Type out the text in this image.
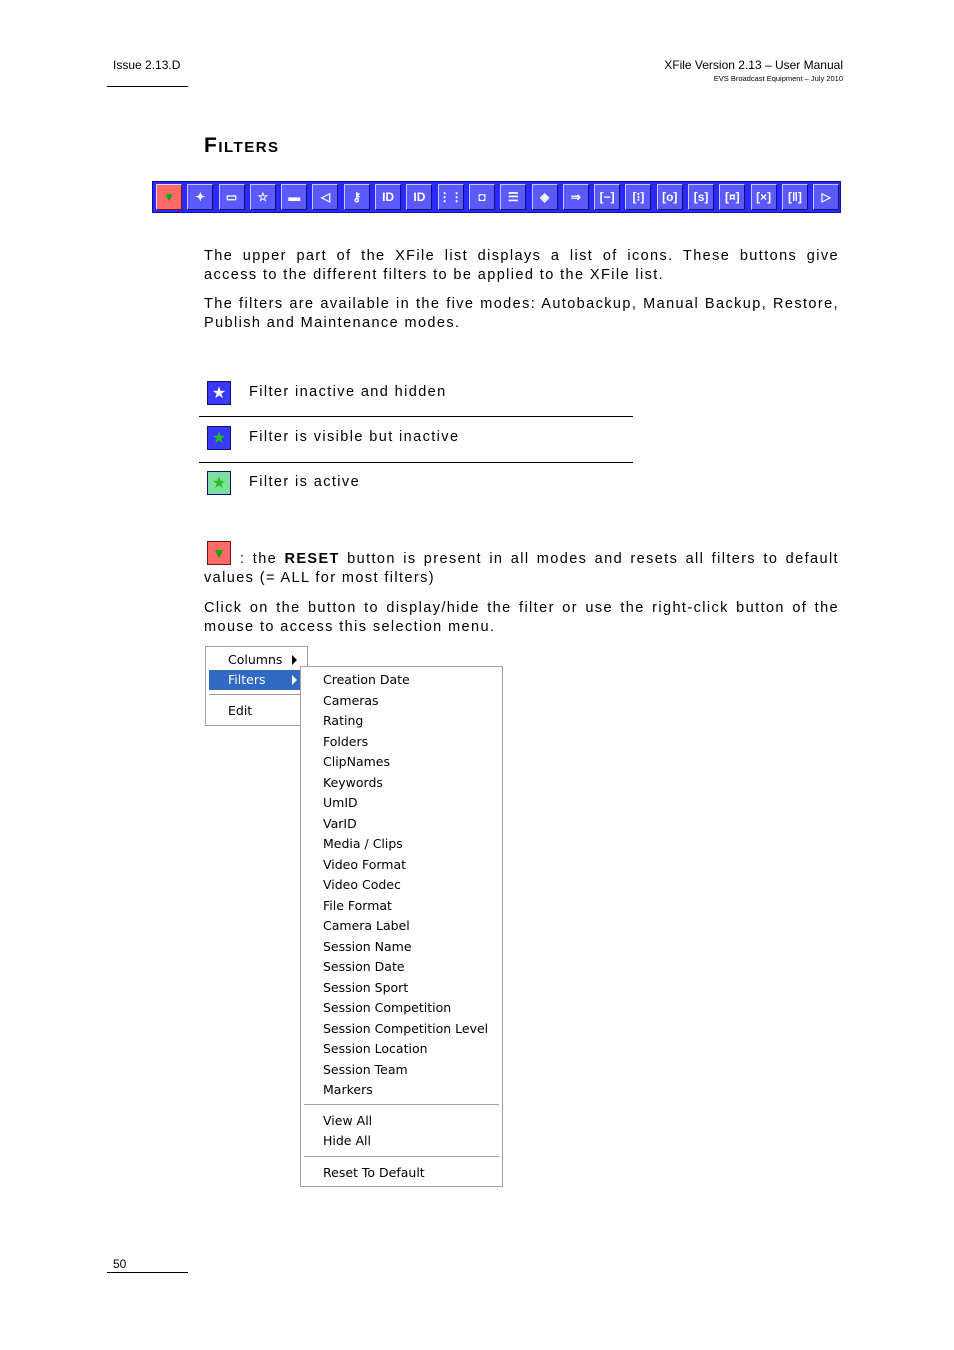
Issue 2.13.D	XFile Version 2.13 – User Manual
EVS Broadcast Equipment – July 2010
Filters
▼	✦	▭	☆	▬	◁	⚷	ID	ID	⋮⋮	◘	☰	◈	⇒	[−]	[⁝]	[o]	[s]	[¤]	[×]	[‖]	▷
The upper part of the XFile list displays a list of icons. These buttons give access to the different filters to be applied to the XFile list.
The filters are available in the five modes: Autobackup, Manual Backup, Restore, Publish and Maintenance modes.
★	Filter inactive and hidden
★	Filter is visible but inactive
★	Filter is active
▼ : the RESET button is present in all modes and resets all filters to default values (= ALL for most filters)
Click on the button to display/hide the filter or use the right-click button of the mouse to access this selection menu.
Columns
Filters
Edit
Creation Date
Cameras
Rating
Folders
ClipNames
Keywords
UmID
VarID
Media / Clips
Video Format
Video Codec
File Format
Camera Label
Session Name
Session Date
Session Sport
Session Competition
Session Competition Level
Session Location
Session Team
Markers
View All
Hide All
Reset To Default
50
